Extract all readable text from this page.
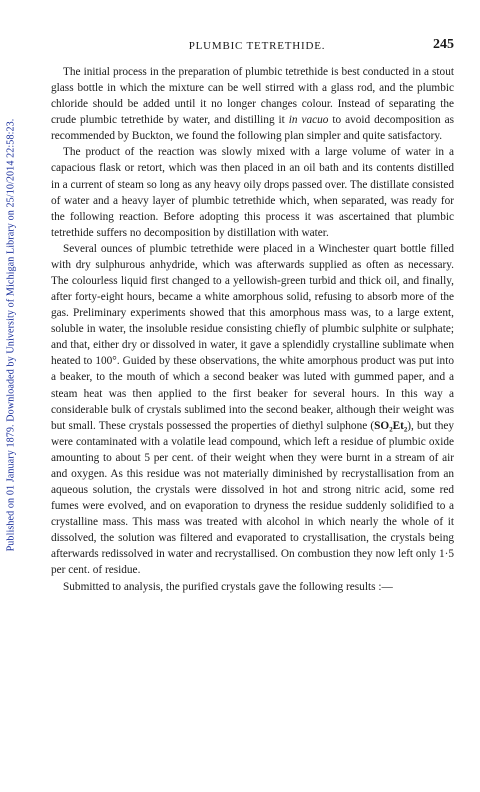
Published on 01 January 1879. Downloaded by University of Michigan Library on 25/10/2014 22:58:23.
PLUMBIC TETRETHIDE.	245

The initial process in the preparation of plumbic tetrethide is best conducted in a stout glass bottle in which the mixture can be well stirred with a glass rod, and the plumbic chloride should be added until it no longer changes colour. Instead of separating the crude plumbic tetrethide by water, and distilling it in vacuo to avoid decomposition as recommended by Buckton, we found the following plan simpler and quite satisfactory.

The product of the reaction was slowly mixed with a large volume of water in a capacious flask or retort, which was then placed in an oil bath and its contents distilled in a current of steam so long as any heavy oily drops passed over. The distillate consisted of water and a heavy layer of plumbic tetrethide which, when separated, was ready for the following reaction. Before adopting this process it was ascertained that plumbic tetrethide suffers no decomposition by distillation with water.

Several ounces of plumbic tetrethide were placed in a Winchester quart bottle filled with dry sulphurous anhydride, which was afterwards supplied as often as necessary. The colourless liquid first changed to a yellowish-green turbid and thick oil, and finally, after forty-eight hours, became a white amorphous solid, refusing to absorb more of the gas. Preliminary experiments showed that this amorphous mass was, to a large extent, soluble in water, the insoluble residue consisting chiefly of plumbic sulphite or sulphate; and that, either dry or dissolved in water, it gave a splendidly crystalline sublimate when heated to 100°. Guided by these observations, the white amorphous product was put into a beaker, to the mouth of which a second beaker was luted with gummed paper, and a steam heat was then applied to the first beaker for several hours. In this way a considerable bulk of crystals sublimed into the second beaker, although their weight was but small. These crystals possessed the properties of diethyl sulphone (SO₂Et₂), but they were contaminated with a volatile lead compound, which left a residue of plumbic oxide amounting to about 5 per cent. of their weight when they were burnt in a stream of air and oxygen. As this residue was not materially diminished by recrystallisation from an aqueous solution, the crystals were dissolved in hot and strong nitric acid, some red fumes were evolved, and on evaporation to dryness the residue suddenly solidified to a crystalline mass. This mass was treated with alcohol in which nearly the whole of it dissolved, the solution was filtered and evaporated to crystallisation, the crystals being afterwards redissolved in water and recrystallised. On combustion they now left only 1·5 per cent. of residue.

Submitted to analysis, the purified crystals gave the following results :—
